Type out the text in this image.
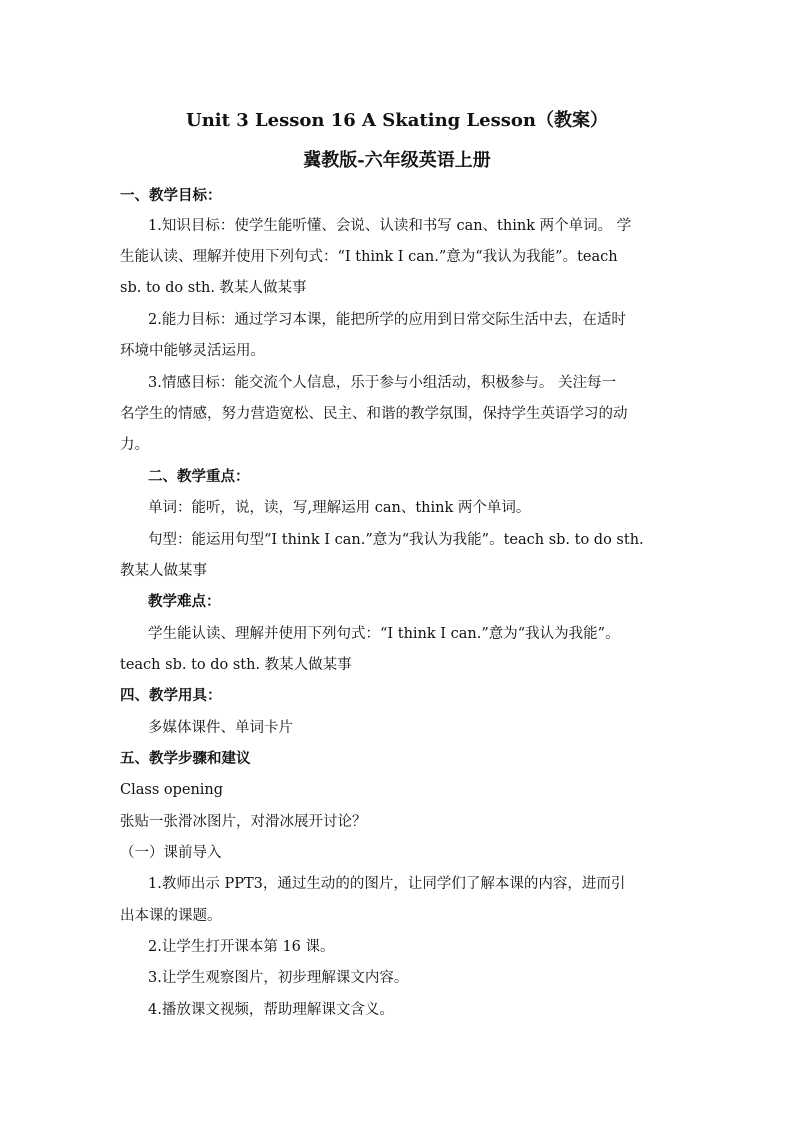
Unit 3 Lesson 16 A Skating Lesson（教案）
冀教版-六年级英语上册
一、教学目标：
1.知识目标：使学生能听懂、会说、认读和书写 can、think 两个单词。 学
生能认读、理解并使用下列句式：“I think I can.”意为“我认为我能”。teach
sb. to do sth. 教某人做某事
2.能力目标：通过学习本课，能把所学的应用到日常交际生活中去，在适时
环境中能够灵活运用。
3.情感目标：能交流个人信息，乐于参与小组活动，积极参与。 关注每一
名学生的情感，努力营造宽松、民主、和谐的教学氛围，保持学生英语学习的动
力。
二、教学重点：
单词：能听，说，读，写,理解运用 can、think 两个单词。
句型：能运用句型“I think I can.”意为“我认为我能”。teach sb. to do sth.
教某人做某事
教学难点：
学生能认读、理解并使用下列句式：“I think I can.”意为“我认为我能”。
teach sb. to do sth. 教某人做某事
四、教学用具：
多媒体课件、单词卡片
五、教学步骤和建议
Class opening
张贴一张滑冰图片，对滑冰展开讨论？
（一）课前导入
1.教师出示 PPT3，通过生动的的图片，让同学们了解本课的内容，进而引
出本课的课题。
2.让学生打开课本第 16 课。
3.让学生观察图片，初步理解课文内容。
4.播放课文视频，帮助理解课文含义。
